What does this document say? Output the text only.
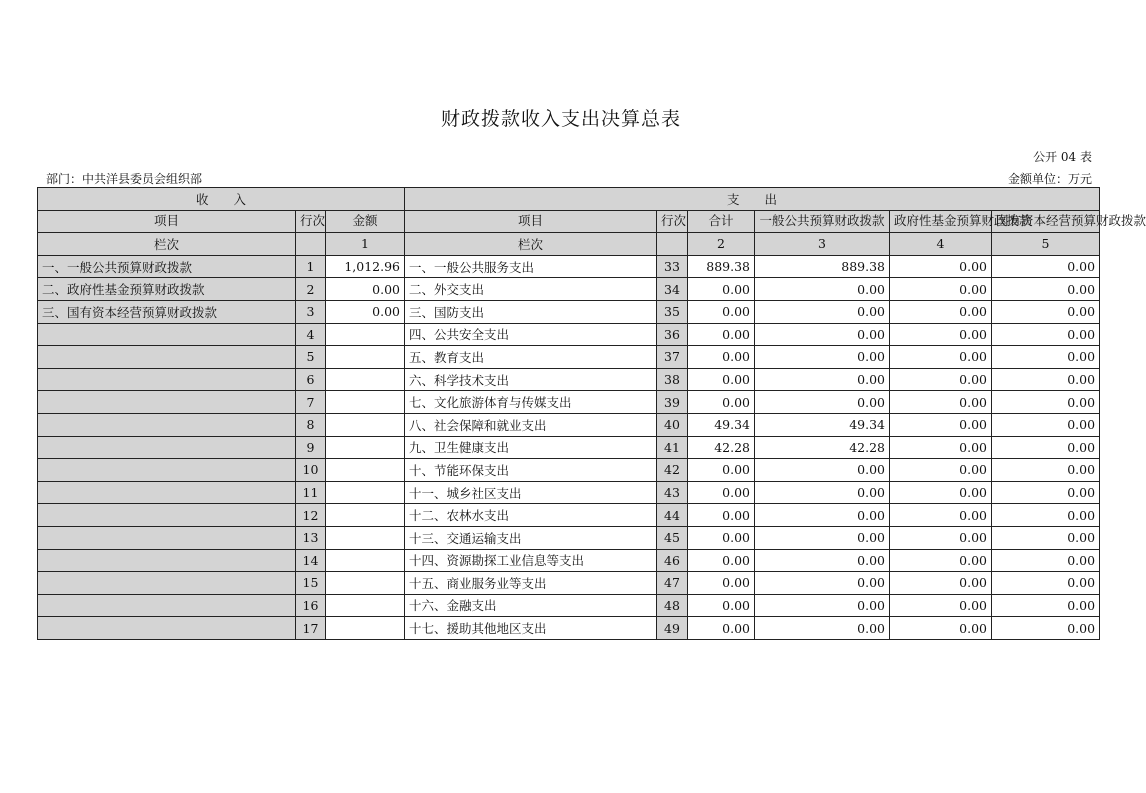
财政拨款收入支出决算总表
公开 04 表
部门：中共洋县委员会组织部	金额单位：万元
收　　入			支　　出					
项目	行次	金额	项目	行次	合计	一般公共预算财政拨款	政府性基金预算财政拨款	国有资本经营预算财政拨款
栏次		1	栏次		2	3	4	5
一、一般公共预算财政拨款	1	1,012.96	一、一般公共服务支出	33	889.38	889.38	0.00	0.00
二、政府性基金预算财政拨款	2	0.00	二、外交支出	34	0.00	0.00	0.00	0.00
三、国有资本经营预算财政拨款	3	0.00	三、国防支出	35	0.00	0.00	0.00	0.00
	4		四、公共安全支出	36	0.00	0.00	0.00	0.00
	5		五、教育支出	37	0.00	0.00	0.00	0.00
	6		六、科学技术支出	38	0.00	0.00	0.00	0.00
	7		七、文化旅游体育与传媒支出	39	0.00	0.00	0.00	0.00
	8		八、社会保障和就业支出	40	49.34	49.34	0.00	0.00
	9		九、卫生健康支出	41	42.28	42.28	0.00	0.00
	10		十、节能环保支出	42	0.00	0.00	0.00	0.00
	11		十一、城乡社区支出	43	0.00	0.00	0.00	0.00
	12		十二、农林水支出	44	0.00	0.00	0.00	0.00
	13		十三、交通运输支出	45	0.00	0.00	0.00	0.00
	14		十四、资源勘探工业信息等支出	46	0.00	0.00	0.00	0.00
	15		十五、商业服务业等支出	47	0.00	0.00	0.00	0.00
	16		十六、金融支出	48	0.00	0.00	0.00	0.00
	17		十七、援助其他地区支出	49	0.00	0.00	0.00	0.00
